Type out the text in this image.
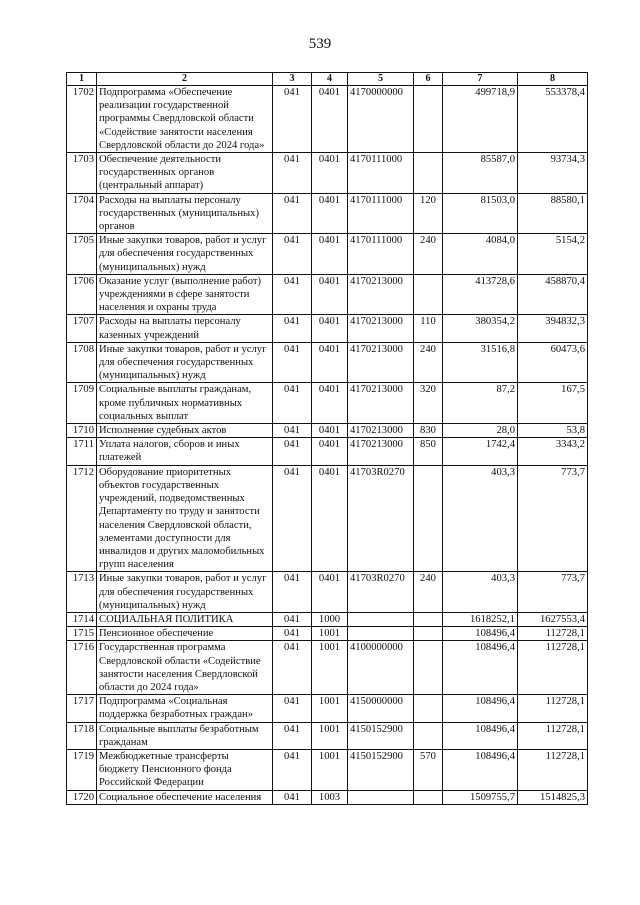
539
1	2	3	4	5	6	7	8
1702	Подпрограмма «Обеспечение реализации государственной программы Свердловской области «Содействие занятости населения Свердловской области до 2024 года»	041	0401	4170000000		499718,9	553378,4
1703	Обеспечение деятельности государственных органов (центральный аппарат)	041	0401	4170111000		85587,0	93734,3
1704	Расходы на выплаты персоналу государственных (муниципальных) органов	041	0401	4170111000	120	81503,0	88580,1
1705	Иные закупки товаров, работ и услуг для обеспечения государственных (муниципальных) нужд	041	0401	4170111000	240	4084,0	5154,2
1706	Оказание услуг (выполнение работ) учреждениями в сфере занятости населения и охраны труда	041	0401	4170213000		413728,6	458870,4
1707	Расходы на выплаты персоналу казенных учреждений	041	0401	4170213000	110	380354,2	394832,3
1708	Иные закупки товаров, работ и услуг для обеспечения государственных (муниципальных) нужд	041	0401	4170213000	240	31516,8	60473,6
1709	Социальные выплаты гражданам, кроме публичных нормативных социальных выплат	041	0401	4170213000	320	87,2	167,5
1710	Исполнение судебных актов	041	0401	4170213000	830	28,0	53,8
1711	Уплата налогов, сборов и иных платежей	041	0401	4170213000	850	1742,4	3343,2
1712	Оборудование приоритетных объектов государственных учреждений, подведомственных Департаменту по труду и занятости населения Свердловской области, элементами доступности для инвалидов и других маломобильных групп населения	041	0401	41703R0270		403,3	773,7
1713	Иные закупки товаров, работ и услуг для обеспечения государственных (муниципальных) нужд	041	0401	41703R0270	240	403,3	773,7
1714	СОЦИАЛЬНАЯ ПОЛИТИКА	041	1000			1618252,1	1627553,4
1715	Пенсионное обеспечение	041	1001			108496,4	112728,1
1716	Государственная программа Свердловской области «Содействие занятости населения Свердловской области до 2024 года»	041	1001	4100000000		108496,4	112728,1
1717	Подпрограмма «Социальная поддержка безработных граждан»	041	1001	4150000000		108496,4	112728,1
1718	Социальные выплаты безработным гражданам	041	1001	4150152900		108496,4	112728,1
1719	Межбюджетные трансферты бюджету Пенсионного фонда Российской Федерации	041	1001	4150152900	570	108496,4	112728,1
1720	Социальное обеспечение населения	041	1003			1509755,7	1514825,3
